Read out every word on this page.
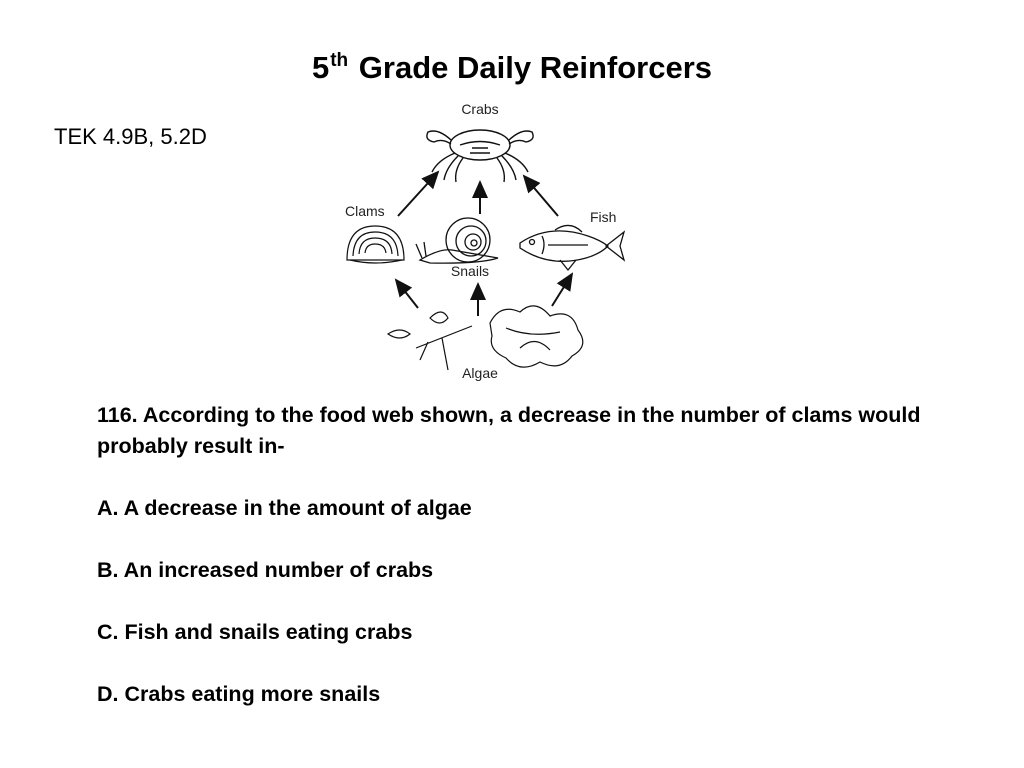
5th Grade Daily Reinforcers
TEK 4.9B, 5.2D
Crabs
Clams
Snails
Fish
Algae

116. According to the food web shown, a decrease in the number of clams would probably result in-

A. A decrease in the amount of algae

B. An increased number of crabs

C. Fish and snails eating crabs

D. Crabs eating more snails
